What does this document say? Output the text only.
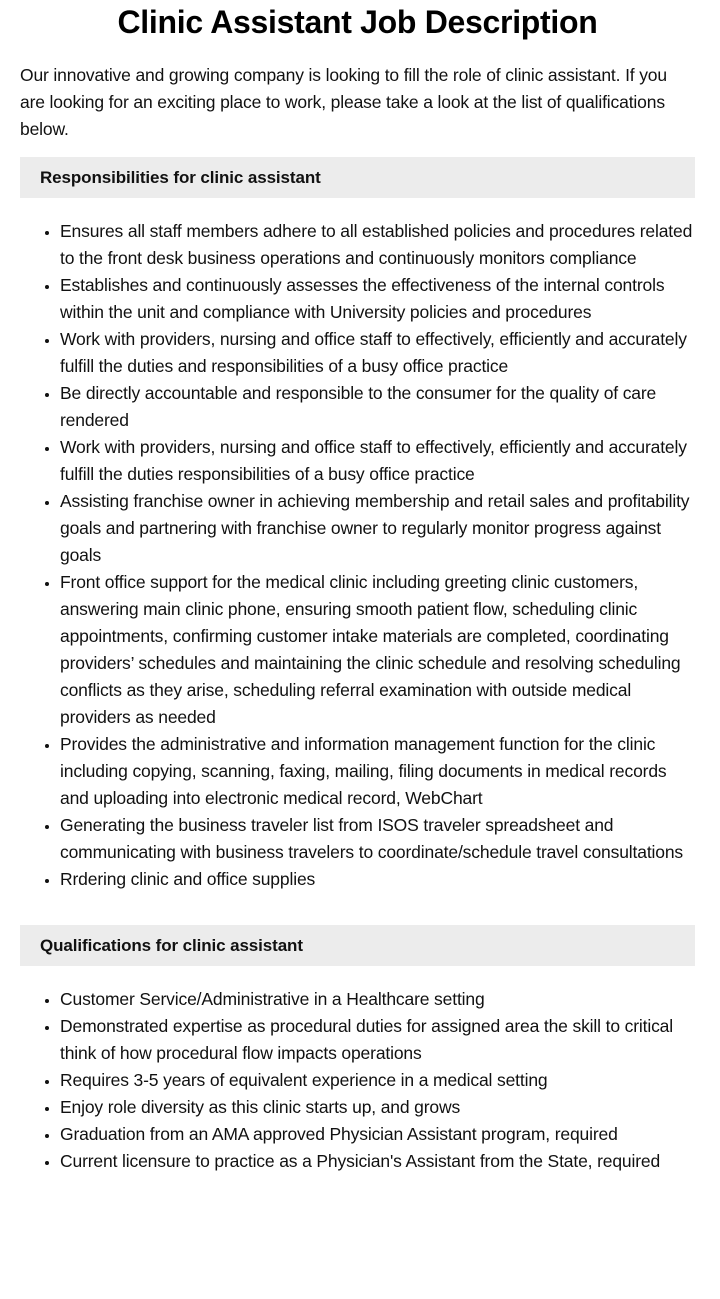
Clinic Assistant Job Description

Our innovative and growing company is looking to fill the role of clinic assistant. If you are looking for an exciting place to work, please take a look at the list of qualifications below.

Responsibilities for clinic assistant
• Ensures all staff members adhere to all established policies and procedures related to the front desk business operations and continuously monitors compliance
• Establishes and continuously assesses the effectiveness of the internal controls within the unit and compliance with University policies and procedures
• Work with providers, nursing and office staff to effectively, efficiently and accurately fulfill the duties and responsibilities of a busy office practice
• Be directly accountable and responsible to the consumer for the quality of care rendered
• Work with providers, nursing and office staff to effectively, efficiently and accurately fulfill the duties responsibilities of a busy office practice
• Assisting franchise owner in achieving membership and retail sales and profitability goals and partnering with franchise owner to regularly monitor progress against goals
• Front office support for the medical clinic including greeting clinic customers, answering main clinic phone, ensuring smooth patient flow, scheduling clinic appointments, confirming customer intake materials are completed, coordinating providers’ schedules and maintaining the clinic schedule and resolving scheduling conflicts as they arise, scheduling referral examination with outside medical providers as needed
• Provides the administrative and information management function for the clinic including copying, scanning, faxing, mailing, filing documents in medical records and uploading into electronic medical record, WebChart
• Generating the business traveler list from ISOS traveler spreadsheet and communicating with business travelers to coordinate/schedule travel consultations
• Rrdering clinic and office supplies
Qualifications for clinic assistant
• Customer Service/Administrative in a Healthcare setting
• Demonstrated expertise as procedural duties for assigned area the skill to critical think of how procedural flow impacts operations
• Requires 3-5 years of equivalent experience in a medical setting
• Enjoy role diversity as this clinic starts up, and grows
• Graduation from an AMA approved Physician Assistant program, required
• Current licensure to practice as a Physician's Assistant from the State, required
